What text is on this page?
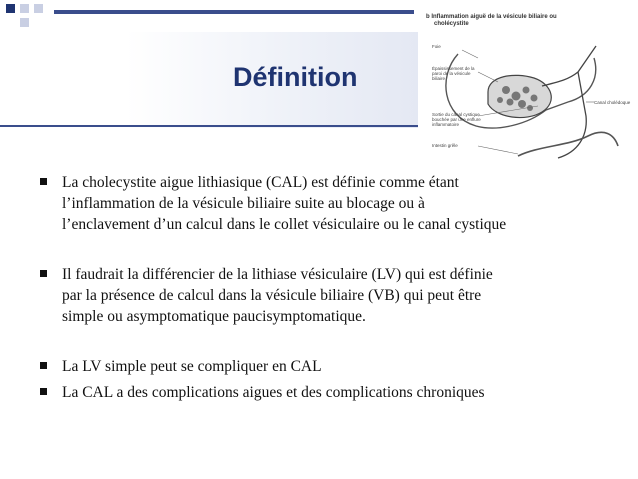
Définition
b Inflammation aiguë de la vésicule biliaire ou
cholécystite
Foie
Épaississement de la paroi de la vésicule biliaire
Canal cholédoque
Sortie du canal cystique bouchée par une enflure inflammatoire
Intestin grêle
La cholecystite aigue lithiasique (CAL) est définie comme étant
l’inflammation de la vésicule biliaire suite au blocage ou à
l’enclavement d’un calcul dans le collet vésiculaire ou le canal cystique
Il faudrait la différencier de la lithiase vésiculaire (LV) qui est définie
par la présence de calcul dans la vésicule biliaire (VB) qui peut être
simple ou asymptomatique paucisymptomatique.
La LV simple peut se compliquer en CAL
La CAL a des complications aigues et des complications chroniques
